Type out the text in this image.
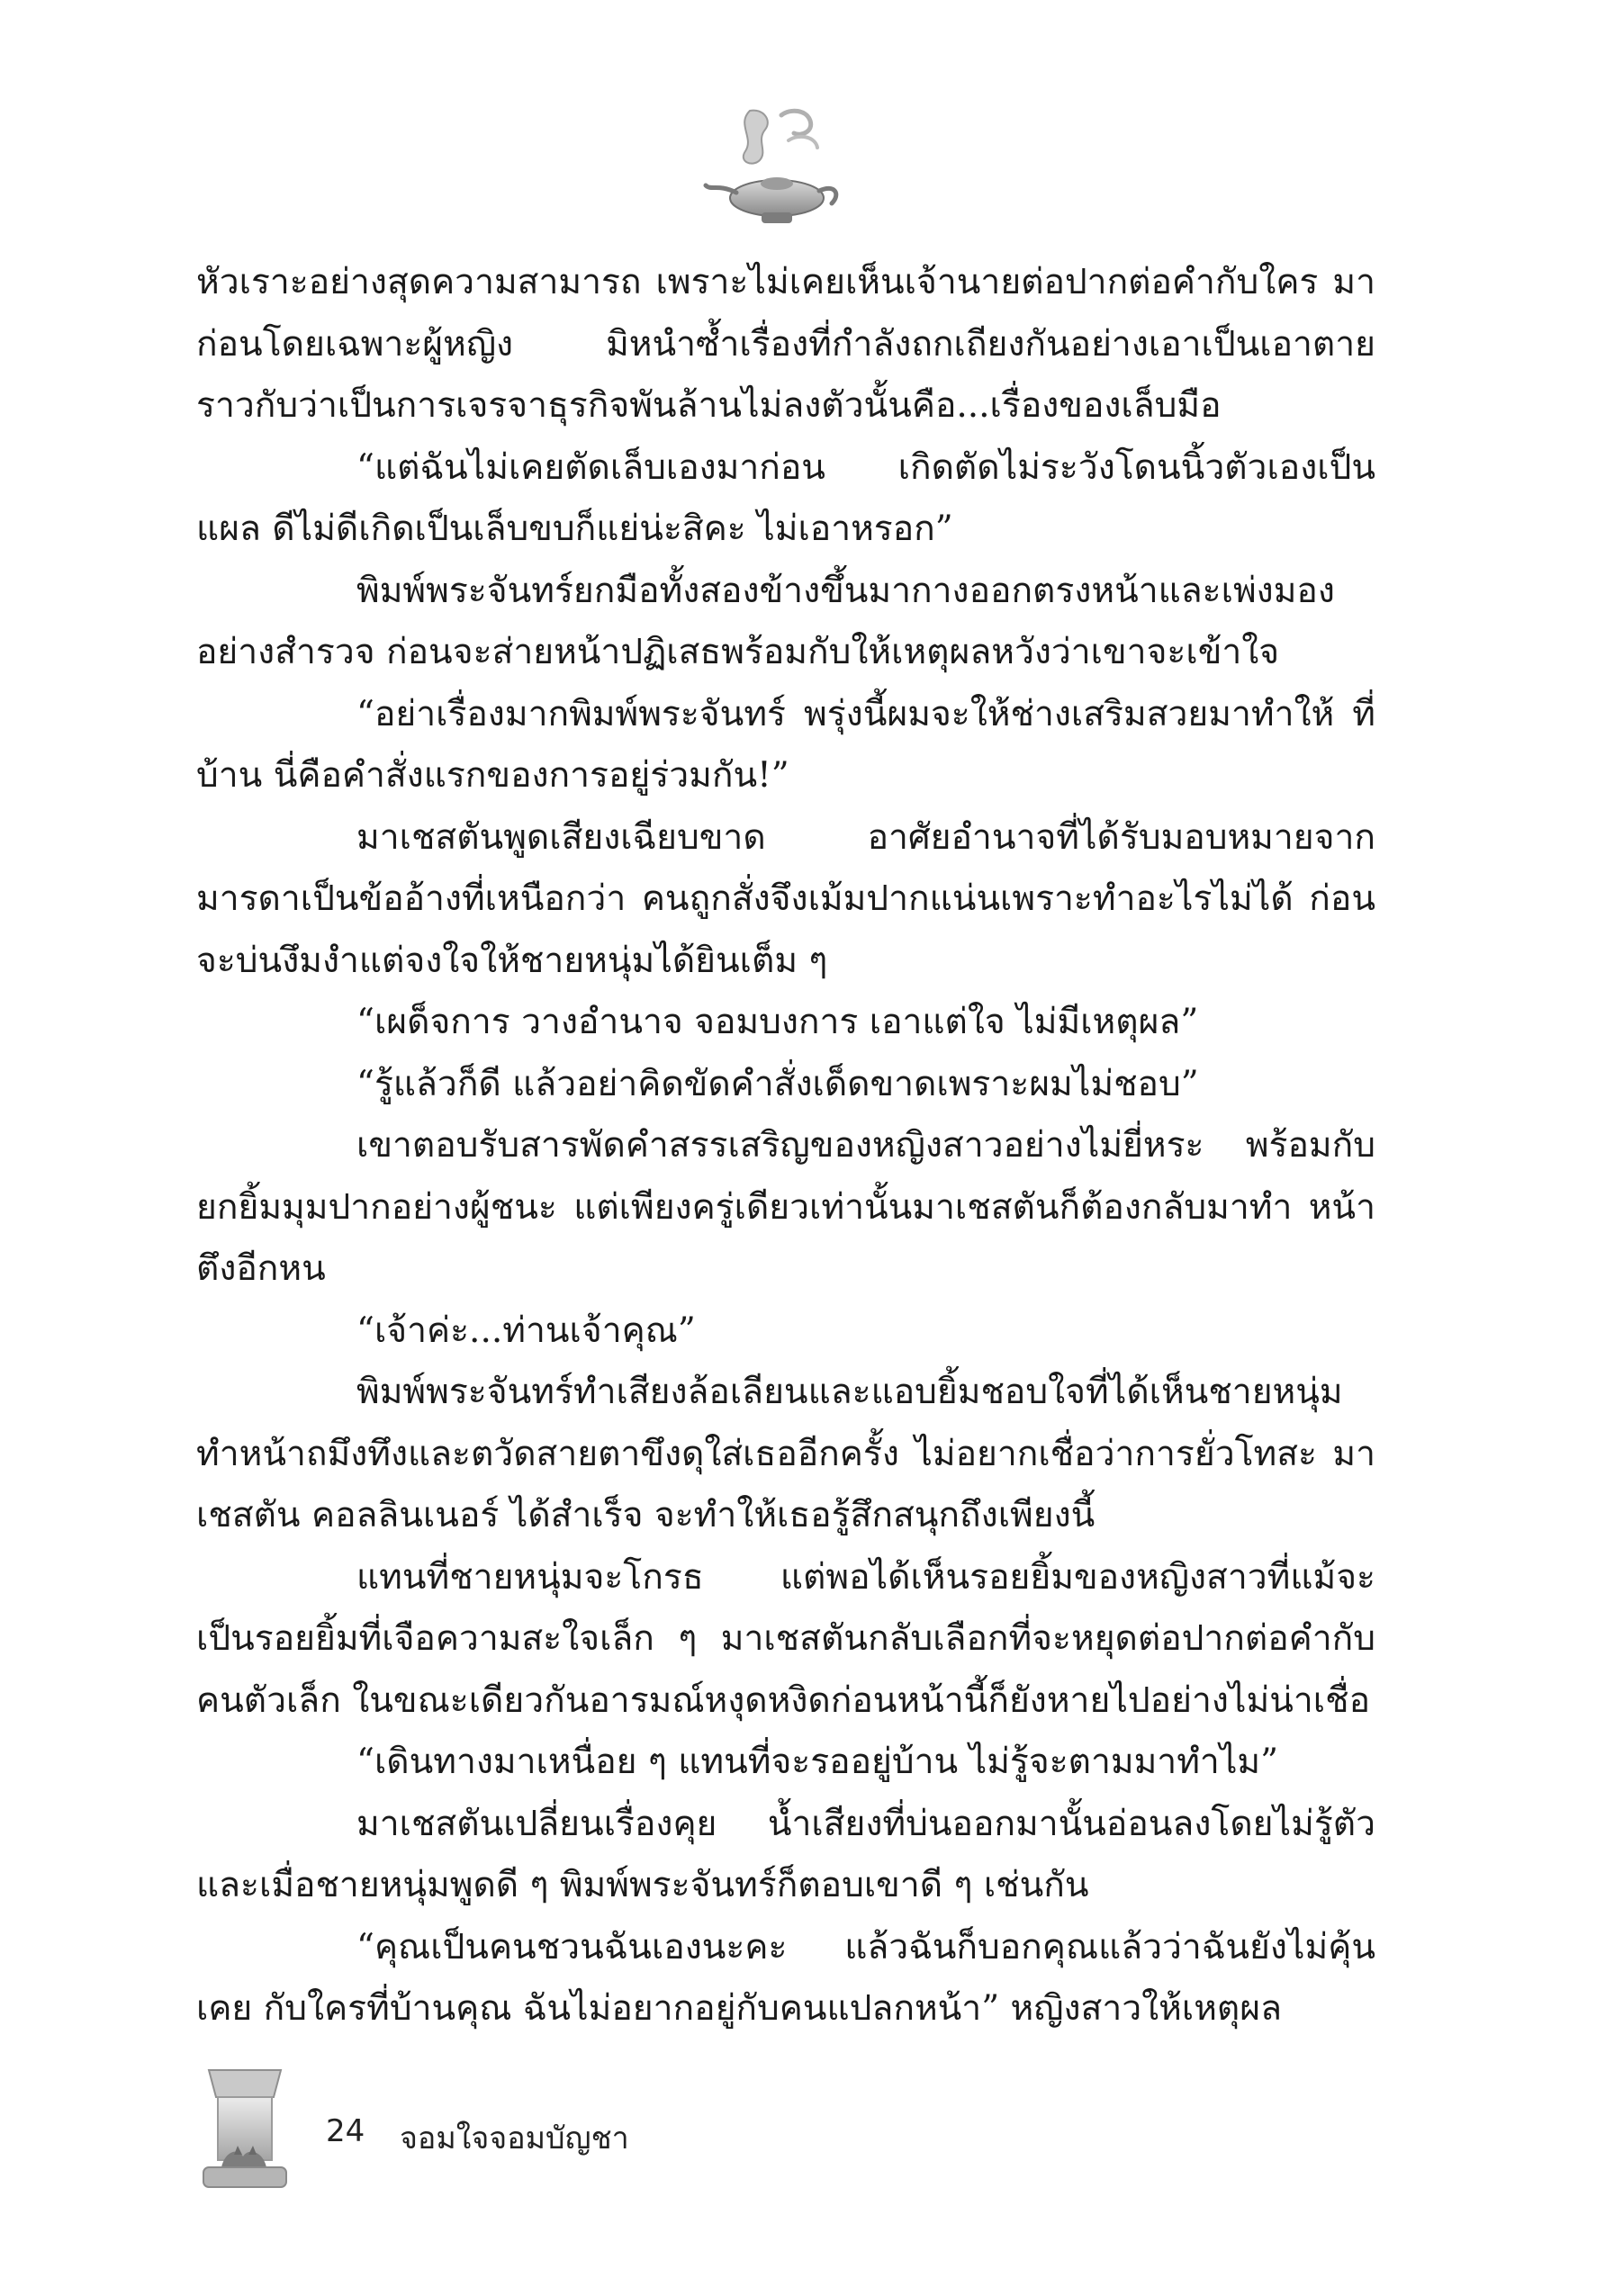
หัวเราะอย่างสุดความสามารถ เพราะไม่เคยเห็นเจ้านายต่อปากต่อคำกับใคร มาก่อนโดยเฉพาะผู้หญิง มิหนำซ้ำเรื่องที่กำลังถกเถียงกันอย่างเอาเป็นเอาตาย ราวกับว่าเป็นการเจรจาธุรกิจพันล้านไม่ลงตัวนั้นคือ...เรื่องของเล็บมือ

“แต่ฉันไม่เคยตัดเล็บเองมาก่อน เกิดตัดไม่ระวังโดนนิ้วตัวเองเป็น แผล ดีไม่ดีเกิดเป็นเล็บขบก็แย่น่ะสิคะ ไม่เอาหรอก”

พิมพ์พระจันทร์ยกมือทั้งสองข้างขึ้นมากางออกตรงหน้าและเพ่งมอง อย่างสำรวจ ก่อนจะส่ายหน้าปฏิเสธพร้อมกับให้เหตุผลหวังว่าเขาจะเข้าใจ

“อย่าเรื่องมากพิมพ์พระจันทร์ พรุ่งนี้ผมจะให้ช่างเสริมสวยมาทำให้ ที่บ้าน นี่คือคำสั่งแรกของการอยู่ร่วมกัน!”

มาเชสตันพูดเสียงเฉียบขาด อาศัยอำนาจที่ได้รับมอบหมายจาก มารดาเป็นข้ออ้างที่เหนือกว่า คนถูกสั่งจึงเม้มปากแน่นเพราะทำอะไรไม่ได้ ก่อนจะบ่นงึมงำแต่จงใจให้ชายหนุ่มได้ยินเต็ม ๆ

“เผด็จการ วางอำนาจ จอมบงการ เอาแต่ใจ ไม่มีเหตุผล”

“รู้แล้วก็ดี แล้วอย่าคิดขัดคำสั่งเด็ดขาดเพราะผมไม่ชอบ”

เขาตอบรับสารพัดคำสรรเสริญของหญิงสาวอย่างไม่ยี่หระ พร้อมกับ ยกยิ้มมุมปากอย่างผู้ชนะ แต่เพียงครู่เดียวเท่านั้นมาเชสตันก็ต้องกลับมาทำ หน้าตึงอีกหน

“เจ้าค่ะ...ท่านเจ้าคุณ”

พิมพ์พระจันทร์ทำเสียงล้อเลียนและแอบยิ้มชอบใจที่ได้เห็นชายหนุ่ม ทำหน้าถมึงทึงและตวัดสายตาขึงดุใส่เธออีกครั้ง ไม่อยากเชื่อว่าการยั่วโทสะ มาเชสตัน คอลลินเนอร์ ได้สำเร็จ จะทำให้เธอรู้สึกสนุกถึงเพียงนี้

แทนที่ชายหนุ่มจะโกรธ แต่พอได้เห็นรอยยิ้มของหญิงสาวที่แม้จะ เป็นรอยยิ้มที่เจือความสะใจเล็ก ๆ มาเชสตันกลับเลือกที่จะหยุดต่อปากต่อคำกับ คนตัวเล็ก ในขณะเดียวกันอารมณ์หงุดหงิดก่อนหน้านี้ก็ยังหายไปอย่างไม่น่าเชื่อ

“เดินทางมาเหนื่อย ๆ แทนที่จะรออยู่บ้าน ไม่รู้จะตามมาทำไม”

มาเชสตันเปลี่ยนเรื่องคุย น้ำเสียงที่บ่นออกมานั้นอ่อนลงโดยไม่รู้ตัว และเมื่อชายหนุ่มพูดดี ๆ พิมพ์พระจันทร์ก็ตอบเขาดี ๆ เช่นกัน

“คุณเป็นคนชวนฉันเองนะคะ แล้วฉันก็บอกคุณแล้วว่าฉันยังไม่คุ้นเคย กับใครที่บ้านคุณ ฉันไม่อยากอยู่กับคนแปลกหน้า” หญิงสาวให้เหตุผล

24 จอมใจจอมบัญชา
